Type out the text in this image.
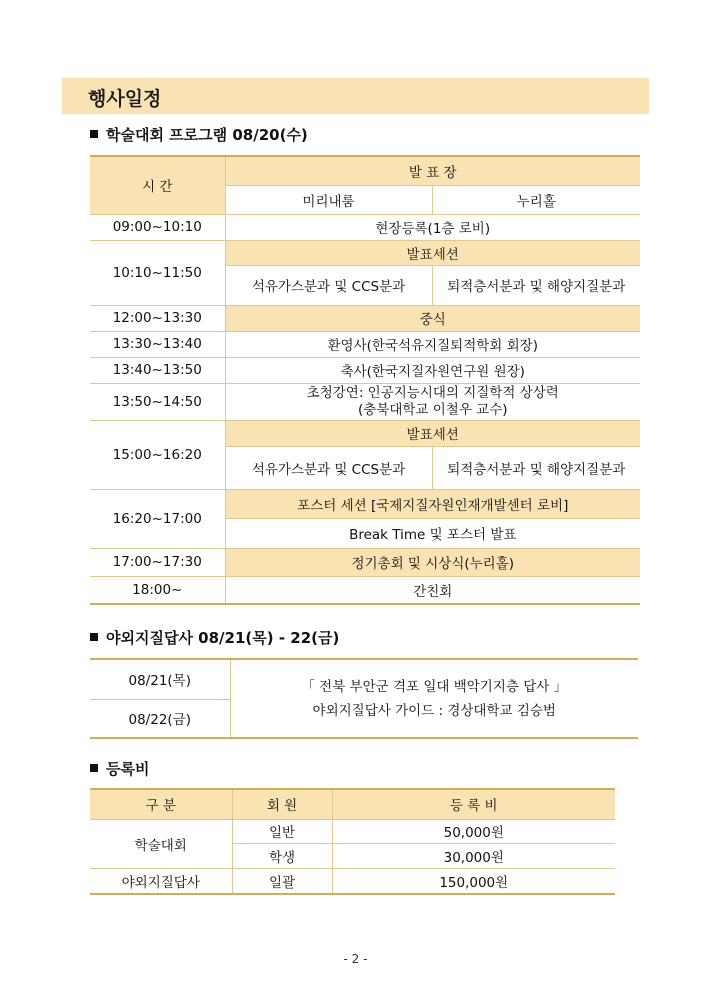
행사일정
학술대회 프로그램 08/20(수)
시 간	발 표 장	
	미리내룸	누리홀
09:00~10:10	현장등록(1층 로비)	
10:10~11:50	발표세션	
	석유가스분과 및 CCS분과	퇴적층서분과 및 해양지질분과
12:00~13:30	중식	
13:30~13:40	환영사(한국석유지질퇴적학회 회장)	
13:40~13:50	축사(한국지질자원연구원 원장)	
13:50~14:50	초청강연: 인공지능시대의 지질학적 상상력
(충북대학교 이철우 교수)	

15:00~16:20	발표세션	
	석유가스분과 및 CCS분과	퇴적층서분과 및 해양지질분과
16:20~17:00	포스터 세션 [국제지질자원인재개발센터 로비]	
	Break Time 및 포스터 발표	
17:00~17:30	정기총회 및 시상식(누리홀)	
18:00~	간친회	
야외지질답사 08/21(목) - 22(금)
08/21(목)	「 전북 부안군 격포 일대 백악기지층 답사 」
야외지질답사 가이드 : 경상대학교 김승범

08/22(금)
등록비
구 분	회 원	등 록 비
학술대회	일반	50,000원
	학생	30,000원
야외지질답사	일괄	150,000원
- 2 -
